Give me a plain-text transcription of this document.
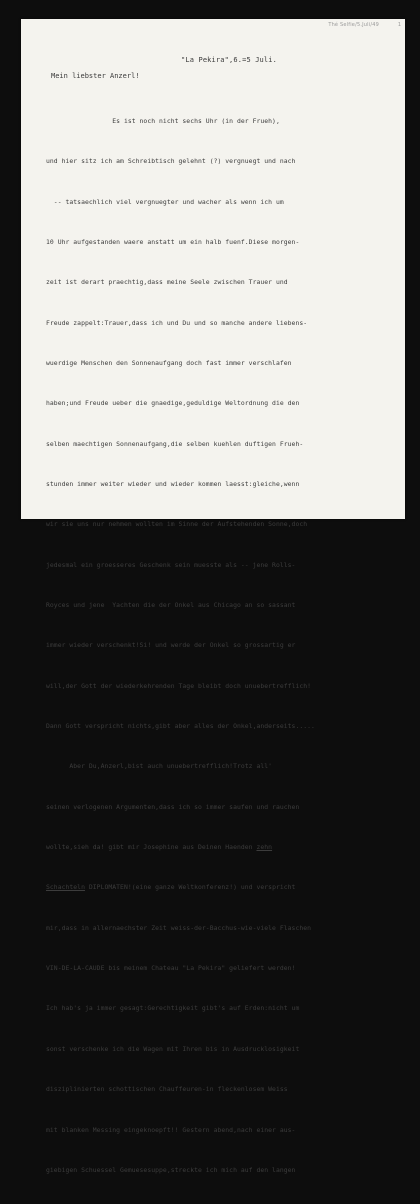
Thé Selfie/5.Juli/49	1
"La Pekira",6.=5 Juli.
Mein liebster Anzerl!

Es ist noch nicht sechs Uhr (in der Frueh),

und hier sitz ich am Schreibtisch gelehnt (?) vergnuegt und nach

-- tatsaechlich viel vergnuegter und wacher als wenn ich um

10 Uhr aufgestanden waere anstatt um ein halb fuenf.Diese morgen-

zeit ist derart praechtig,dass meine Seele zwischen Trauer und

Freude zappelt:Trauer,dass ich und Du und so manche andere liebens-

wuerdige Menschen den Sonnenaufgang doch fast immer verschlafen

haben;und Freude ueber die gnaedige,geduldige Weltordnung die den

selben maechtigen Sonnenaufgang,die selben kuehlen duftigen Frueh-

stunden immer weiter wieder und wieder kommen laesst:gleiche,wenn

wir sie uns nur nehmen wollten im Sinne der Aufstehenden Sonne,doch

jedesmal ein groesseres Geschenk sein muesste als -- jene Rolls-

Royces und jene  Yachten die der Onkel aus Chicago an so sassant

immer wieder verschenkt!Si! und werde der Onkel so grossartig er

will,der Gott der wiederkehrenden Tage bleibt doch unuebertrefflich!

Dann Gott verspricht nichts,gibt aber alles der Onkel,anderseits.....

Aber Du,Anzerl,bist auch unuebertrefflich!Trotz all'

seinen verlogenen Argumenten,dass ich so immer saufen und rauchen

wollte,sieh da! gibt mir Josephine aus Deinen Haenden zehn

Schachteln DIPLOMATEN!(eine ganze Weltkonferenz!) und verspricht

mir,dass in allernaechster Zeit weiss-der-Bacchus-wie-viele Flaschen

VIN-DE-LA-CAUDE bis meinem Chateau "La Pekira" geliefert werden!

Ich hab's ja immer gesagt:Gerechtigkeit gibt's auf Erden:nicht um

sonst verschenke ich die Wagen mit Ihren bis in Ausdrucklosigkeit

disziplinierten schottischen Chauffeuren-in fleckenlosem Weiss

mit blanken Messing eingeknoepft!! Gestern abend,nach einer aus-

giebigen Schuessel Gemuesesuppe,streckte ich mich auf den langen
